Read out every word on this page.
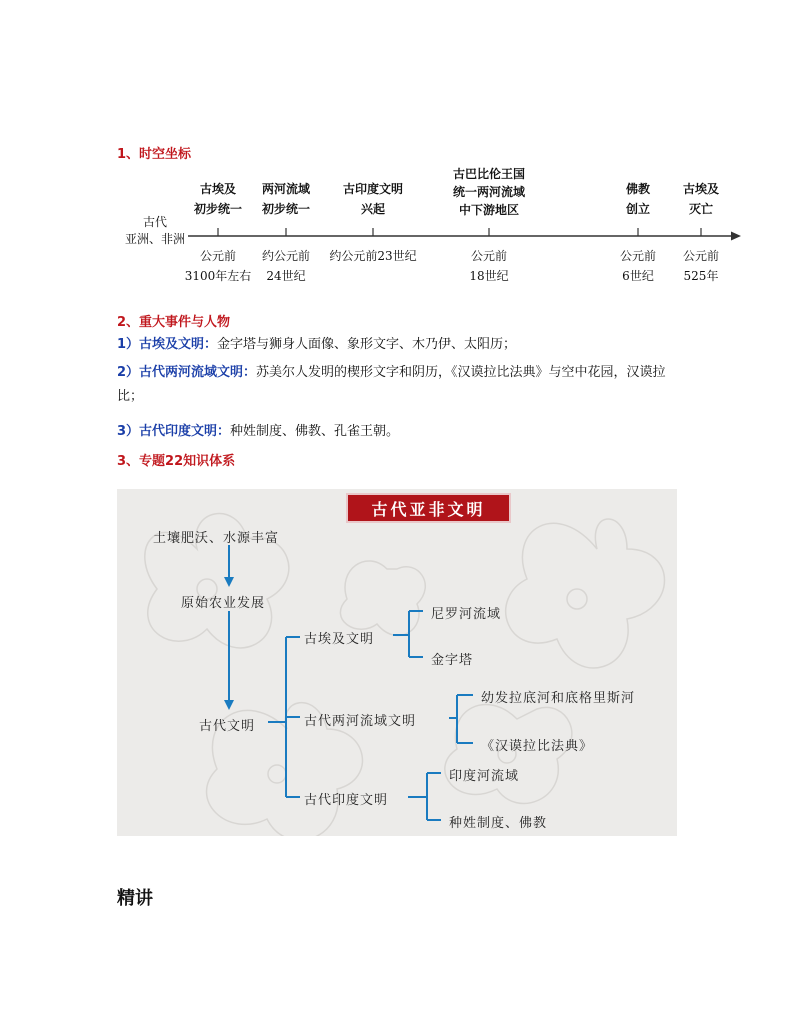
1、时空坐标
古代
亚洲、非洲
古埃及
初步统一
公元前
3100年左右
两河流域
初步统一
约公元前
24世纪
古印度文明
兴起
约公元前23世纪
古巴比伦王国
统一两河流域
中下游地区
公元前
18世纪
佛教
创立
公元前
6世纪
古埃及
灭亡
公元前
525年
2、重大事件与人物
1）古埃及文明：金字塔与狮身人面像、象形文字、木乃伊、太阳历；
2）古代两河流域文明：苏美尔人发明的楔形文字和阴历，《汉谟拉比法典》与空中花园，汉谟拉比；
3）古代印度文明：种姓制度、佛教、孔雀王朝。
3、专题22知识体系
古代亚非文明
土壤肥沃、水源丰富
原始农业发展
古代文明
古埃及文明
古代两河流域文明
古代印度文明
尼罗河流域
金字塔
幼发拉底河和底格里斯河
《汉谟拉比法典》
印度河流域
种姓制度、佛教
精讲
